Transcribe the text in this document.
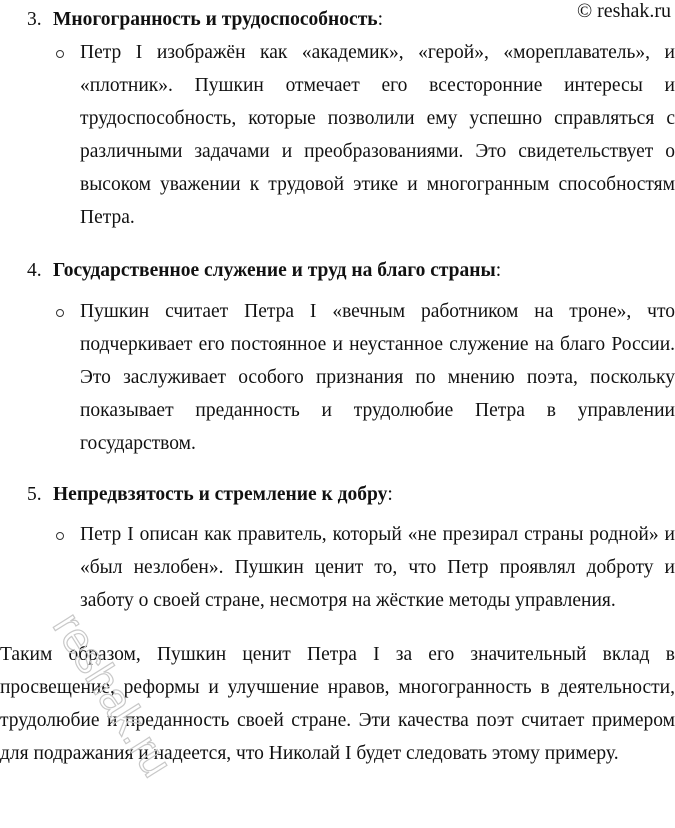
© reshak.ru
3. Многогранность и трудоспособность:
Петр I изображён как «академик», «герой», «мореплаватель», и «плотник». Пушкин отмечает его всесторонние интересы и трудоспособность, которые позволили ему успешно справляться с различными задачами и преобразованиями. Это свидетельствует о высоком уважении к трудовой этике и многогранным способностям Петра.
4. Государственное служение и труд на благо страны:
Пушкин считает Петра I «вечным работником на троне», что подчеркивает его постоянное и неустанное служение на благо России. Это заслуживает особого признания по мнению поэта, поскольку показывает преданность и трудолюбие Петра в управлении государством.
5. Непредвзятость и стремление к добру:
Петр I описан как правитель, который «не презирал страны родной» и «был незлобен». Пушкин ценит то, что Петр проявлял доброту и заботу о своей стране, несмотря на жёсткие методы управления.
Таким образом, Пушкин ценит Петра I за его значительный вклад в просвещение, реформы и улучшение нравов, многогранность в деятельности, трудолюбие и преданность своей стране. Эти качества поэт считает примером для подражания и надеется, что Николай I будет следовать этому примеру.
reshak.ru
